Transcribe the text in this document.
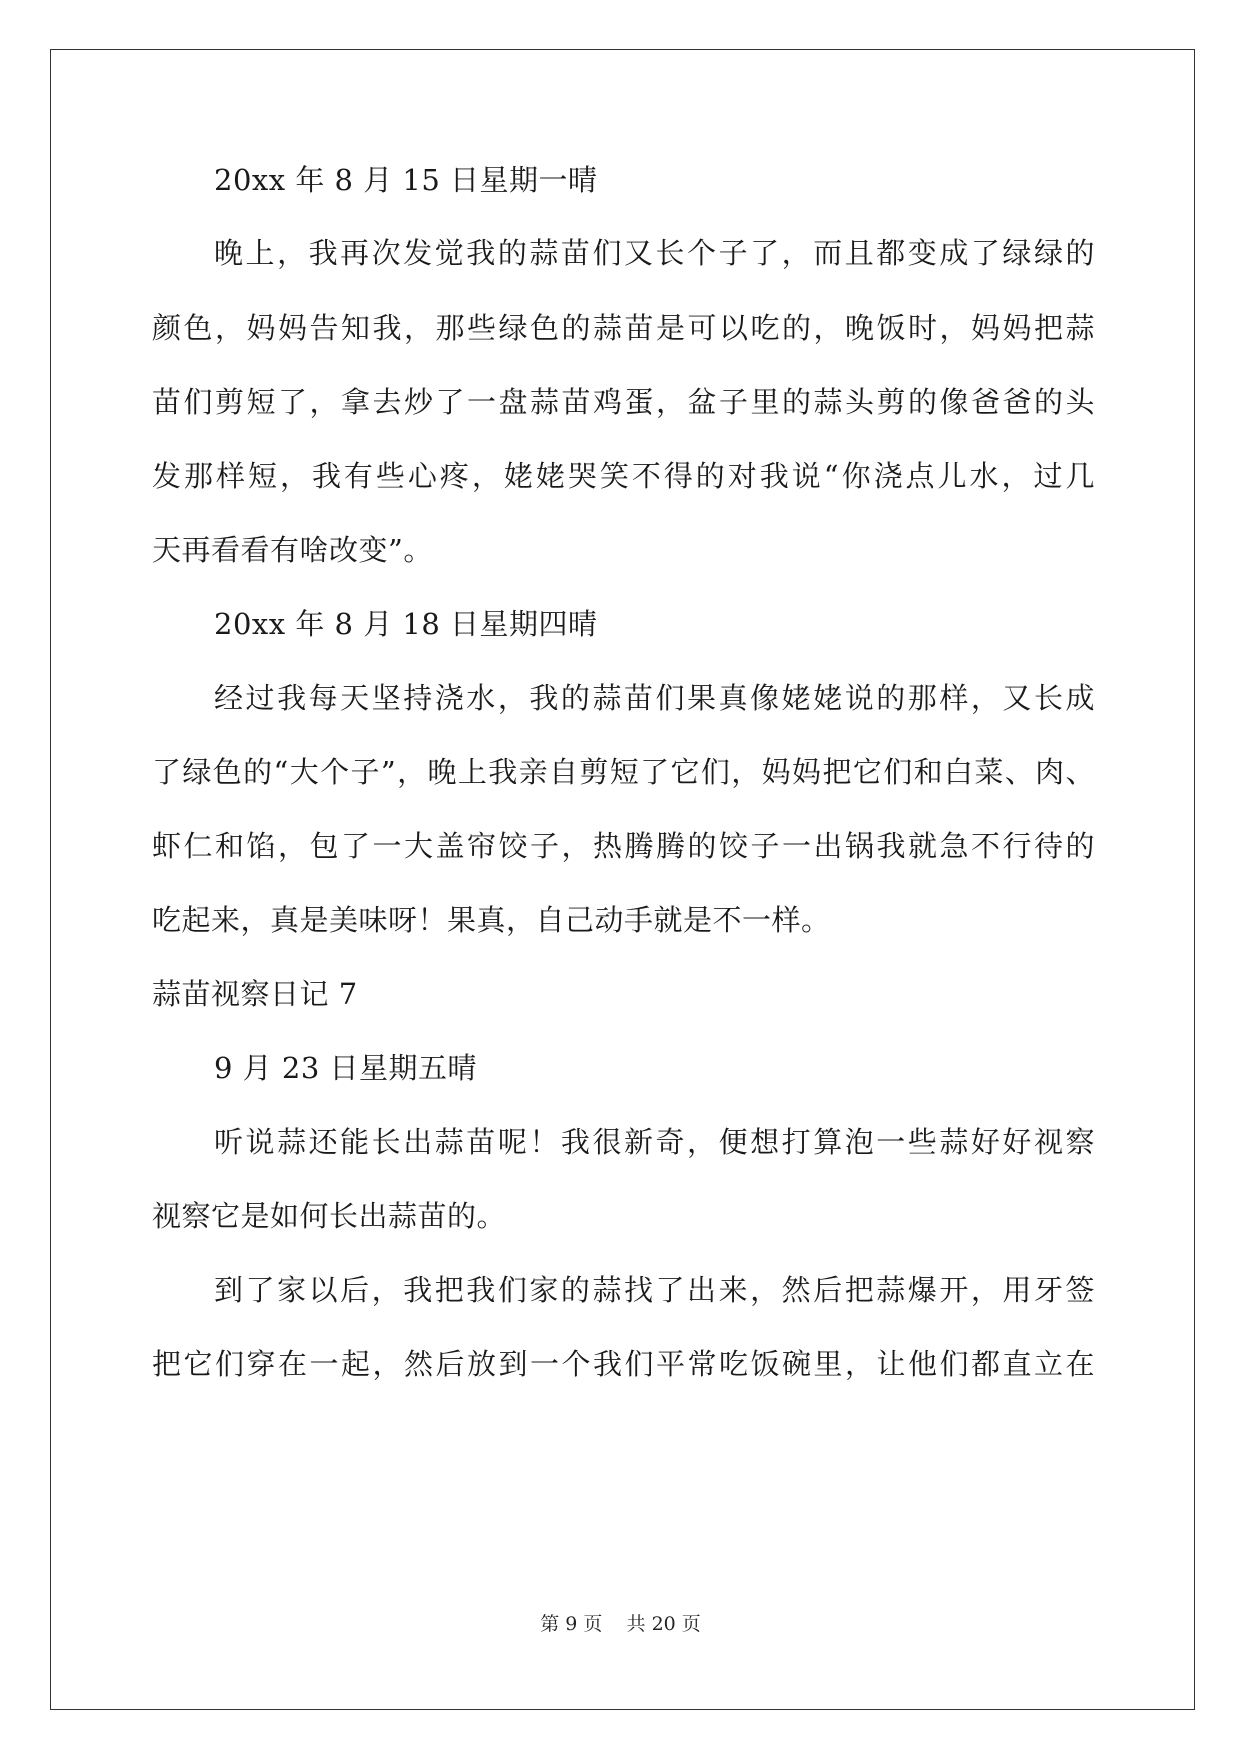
20xx 年 8 月 15 日星期一晴
晚上，我再次发觉我的蒜苗们又长个子了，而且都变成了绿绿的
颜色，妈妈告知我，那些绿色的蒜苗是可以吃的，晚饭时，妈妈把蒜
苗们剪短了，拿去炒了一盘蒜苗鸡蛋，盆子里的蒜头剪的像爸爸的头
发那样短，我有些心疼，姥姥哭笑不得的对我说“你浇点儿水，过几
天再看看有啥改变”。
20xx 年 8 月 18 日星期四晴
经过我每天坚持浇水，我的蒜苗们果真像姥姥说的那样，又长成
了绿色的“大个子”，晚上我亲自剪短了它们，妈妈把它们和白菜、肉、
虾仁和馅，包了一大盖帘饺子，热腾腾的饺子一出锅我就急不行待的
吃起来，真是美味呀！果真，自己动手就是不一样。
蒜苗视察日记 7
9 月 23 日星期五晴
听说蒜还能长出蒜苗呢！我很新奇，便想打算泡一些蒜好好视察
视察它是如何长出蒜苗的。
到了家以后，我把我们家的蒜找了出来，然后把蒜爆开，用牙签
把它们穿在一起，然后放到一个我们平常吃饭碗里，让他们都直立在
第 9 页 共 20 页
